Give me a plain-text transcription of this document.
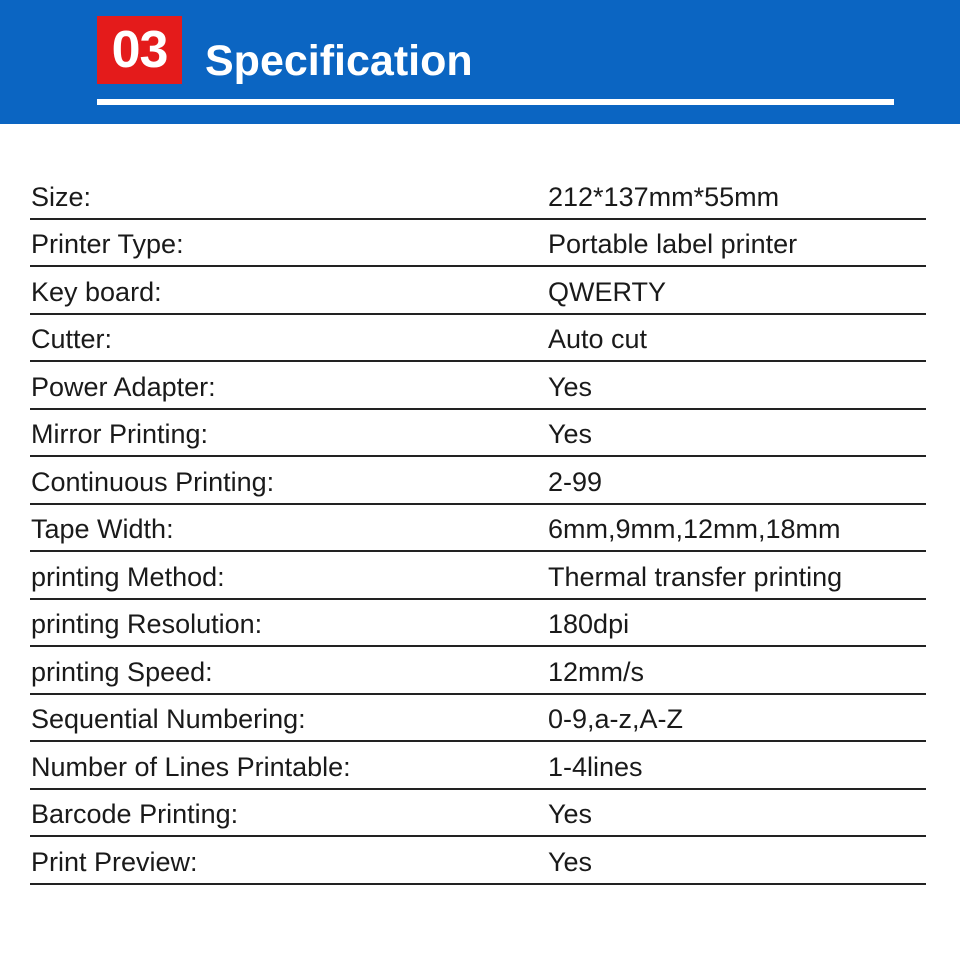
03 Specification
Size:	212*137mm*55mm
Printer Type:	Portable label printer
Key board:	QWERTY
Cutter:	Auto cut
Power Adapter:	Yes
Mirror Printing:	Yes
Continuous Printing:	2-99
Tape Width:	6mm,9mm,12mm,18mm
printing Method:	Thermal transfer printing
printing Resolution:	180dpi
printing Speed:	12mm/s
Sequential Numbering:	0-9,a-z,A-Z
Number of Lines Printable:	1-4lines
Barcode Printing:	Yes
Print Preview:	Yes
